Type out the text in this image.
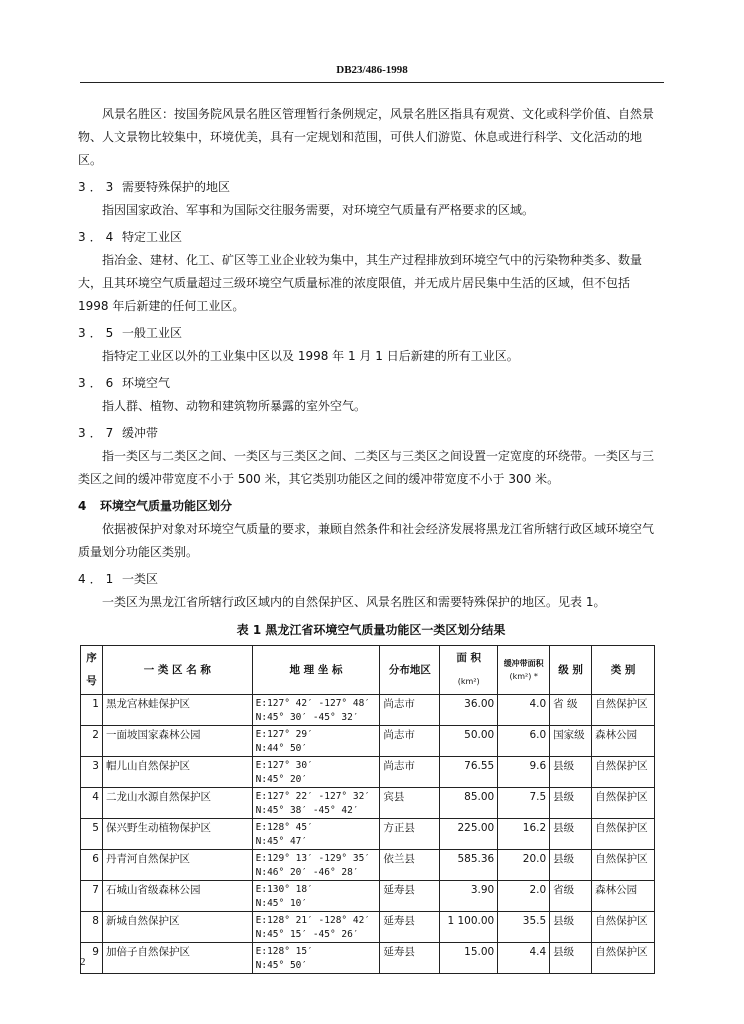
DB23/486-1998

风景名胜区：按国务院风景名胜区管理暂行条例规定，风景名胜区指具有观赏、文化或科学价值、自然景物、人文景物比较集中，环境优美，具有一定规划和范围，可供人们游览、休息或进行科学、文化活动的地区。

3．3 需要特殊保护的地区

指因国家政治、军事和为国际交往服务需要，对环境空气质量有严格要求的区域。

3．4 特定工业区

指冶金、建材、化工、矿区等工业企业较为集中，其生产过程排放到环境空气中的污染物种类多、数量大，且其环境空气质量超过三级环境空气质量标准的浓度限值，并无成片居民集中生活的区域，但不包括 1998 年后新建的任何工业区。

3．5 一般工业区

指特定工业区以外的工业集中区以及 1998 年 1 月 1 日后新建的所有工业区。

3．6 环境空气

指人群、植物、动物和建筑物所暴露的室外空气。

3．7 缓冲带

指一类区与二类区之间、一类区与三类区之间、二类区与三类区之间设置一定宽度的环绕带。一类区与三类区之间的缓冲带宽度不小于 500 米，其它类别功能区之间的缓冲带宽度不小于 300 米。

4 环境空气质量功能区划分

依据被保护对象对环境空气质量的要求，兼顾自然条件和社会经济发展将黑龙江省所辖行政区域环境空气质量划分功能区类别。

4．1 一类区

一类区为黑龙江省所辖行政区域内的自然保护区、风景名胜区和需要特殊保护的地区。见表 1。

表 1 黑龙江省环境空气质量功能区一类区划分结果
序号	一 类 区 名 称	地 理 坐 标	分布地区	面 积
(km²)	缓冲带面积
(km²) *	级 别	类 别
1	黑龙宫林蛙保护区	E:127° 42′ -127° 48′
N:45° 30′ -45° 32′	尚志市	36.00	4.0	省 级	自然保护区
2	一面坡国家森林公园	E:127° 29′
N:44° 50′	尚志市	50.00	6.0	国家级	森林公园
3	帽儿山自然保护区	E:127° 30′
N:45° 20′	尚志市	76.55	9.6	县级	自然保护区
4	二龙山水源自然保护区	E:127° 22′ -127° 32′
N:45° 38′ -45° 42′	宾县	85.00	7.5	县级	自然保护区
5	保兴野生动植物保护区	E:128° 45′
N:45° 47′	方正县	225.00	16.2	县级	自然保护区
6	丹青河自然保护区	E:129° 13′ -129° 35′
N:46° 20′ -46° 28′	依兰县	585.36	20.0	县级	自然保护区
7	石城山省级森林公园	E:130° 18′
N:45° 10′	延寿县	3.90	2.0	省级	森林公园
8	新城自然保护区	E:128° 21′ -128° 42′
N:45° 15′ -45° 26′	延寿县	1 100.00	35.5	县级	自然保护区
9	加倍子自然保护区	E:128° 15′
N:45° 50′	延寿县	15.00	4.4	县级	自然保护区
2
